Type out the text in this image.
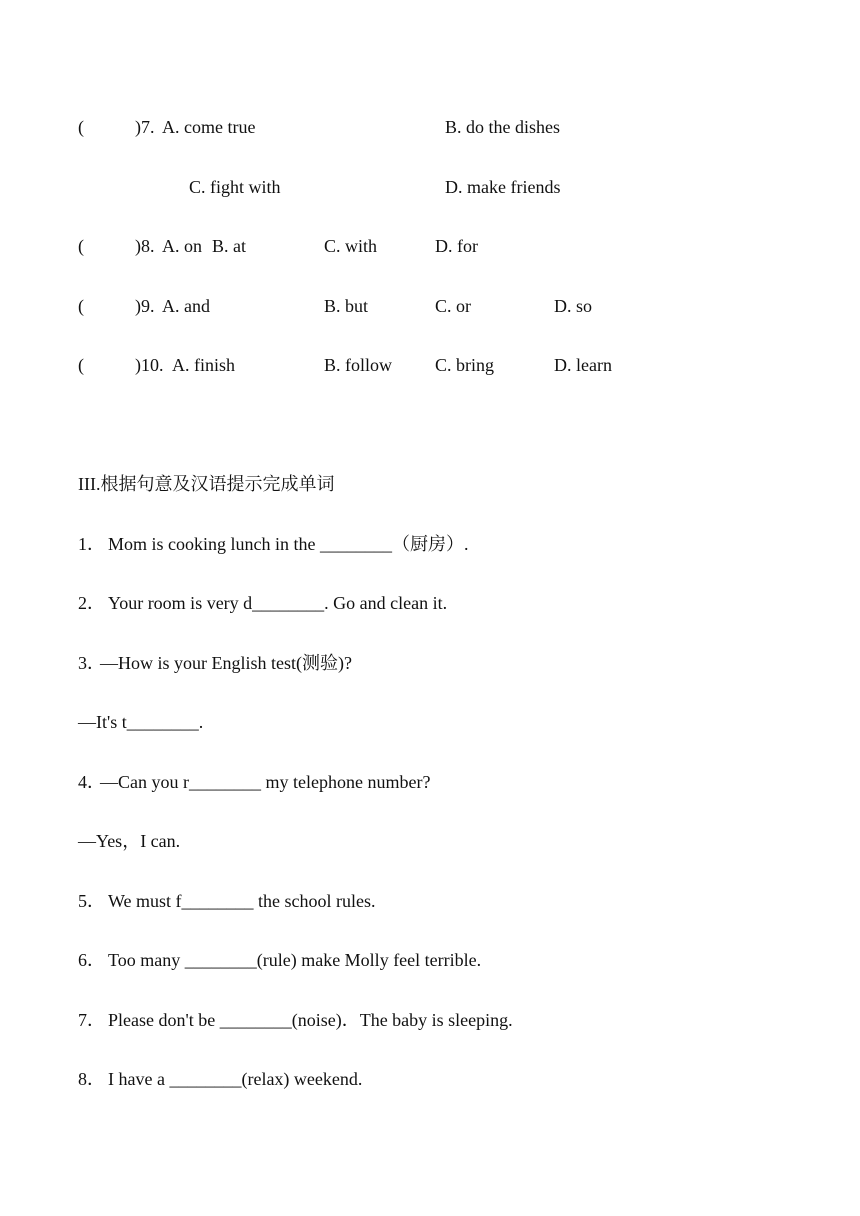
(	)7. A. come true	B. do the dishes
C. fight with	D. make friends
(	)8. A. on B. at	C. with	D. for
(	)9. A. and	B. but	C. or	D. so
(	)10. A. finish	B. follow C. bring	D. learn
III.根据句意及汉语提示完成单词
1． Mom is cooking lunch in the ________（厨房）.
2． Your room is very d________. Go and clean it.
3．
—How is your English test(测验)?
—It's t________.
4．
—Can you r________ my telephone number?
—Yes，I can.
5． We must f________ the school rules.
6． Too many ________(rule) make Molly feel terrible.
7． Please don't be ________(noise)．The baby is sleeping.
8． I have a ________(relax) weekend.
